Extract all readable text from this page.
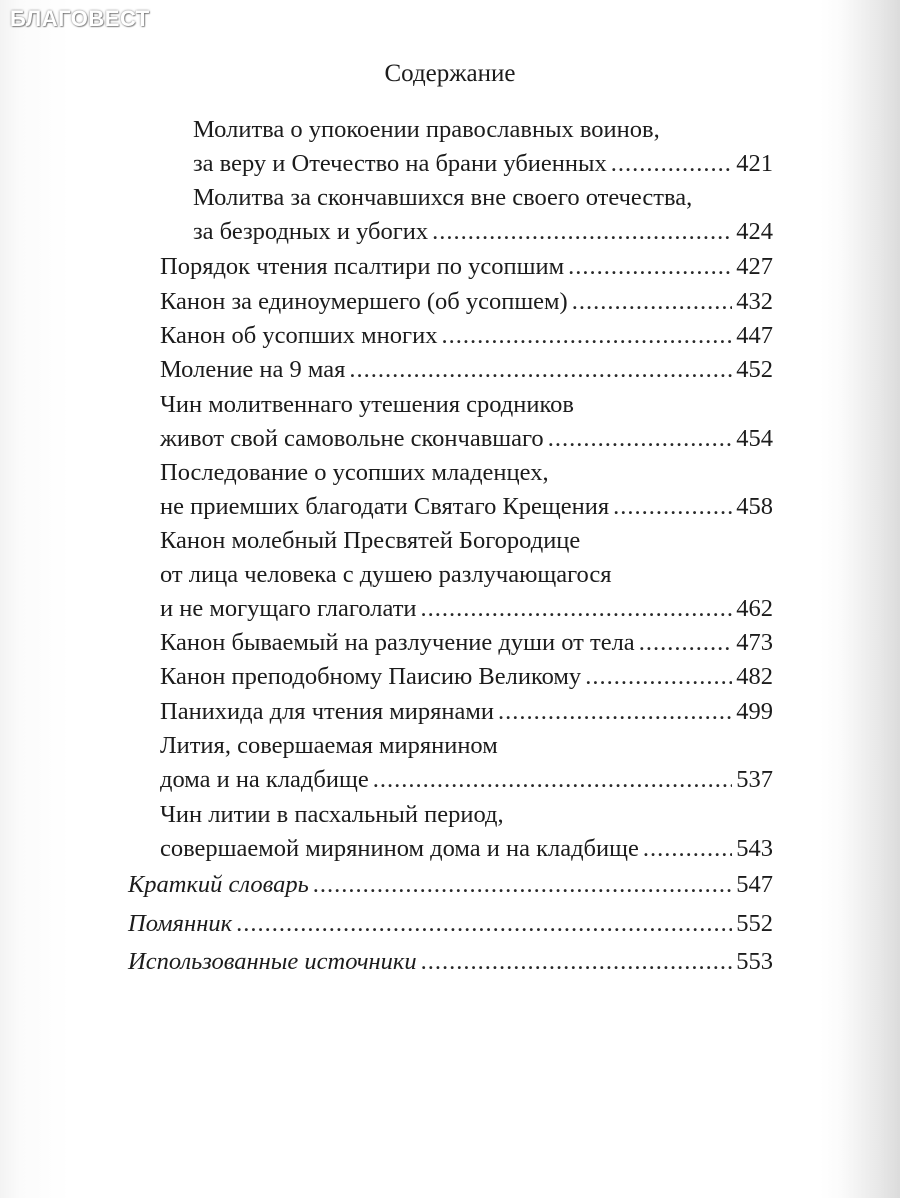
БЛАГОВЕСТ
Содержание
Молитва о упокоении православных воинов,
за веру и Отечество на брани убиенных .....	421
Молитва за скончавшихся вне своего отечества,
за безродных и убогих .....	424
Порядок чтения псалтири по усопшим .....	427
Канон за единоумершего (об усопшем) .....	432
Канон об усопших многих .....	447
Моление на 9 мая .....	452
Чин молитвеннаго утешения сродников
живот свой самовольне скончавшаго .....	454
Последование о усопших младенцех,
не приемших благодати Святаго Крещения .....	458
Канон молебный Пресвятей Богородице
от лица человека с душею разлучающагося
и не могущаго глаголати .....	462
Канон бываемый на разлучение души от тела .....	473
Канон преподобному Паисию Великому .....	482
Панихида для чтения мирянами .....	499
Лития, совершаемая мирянином
дома и на кладбище .....	537
Чин литии в пасхальный период,
совершаемой мирянином дома и на кладбище .....	543
Краткий словарь .....	547
Помянник .....	552
Использованные источники .....	553
